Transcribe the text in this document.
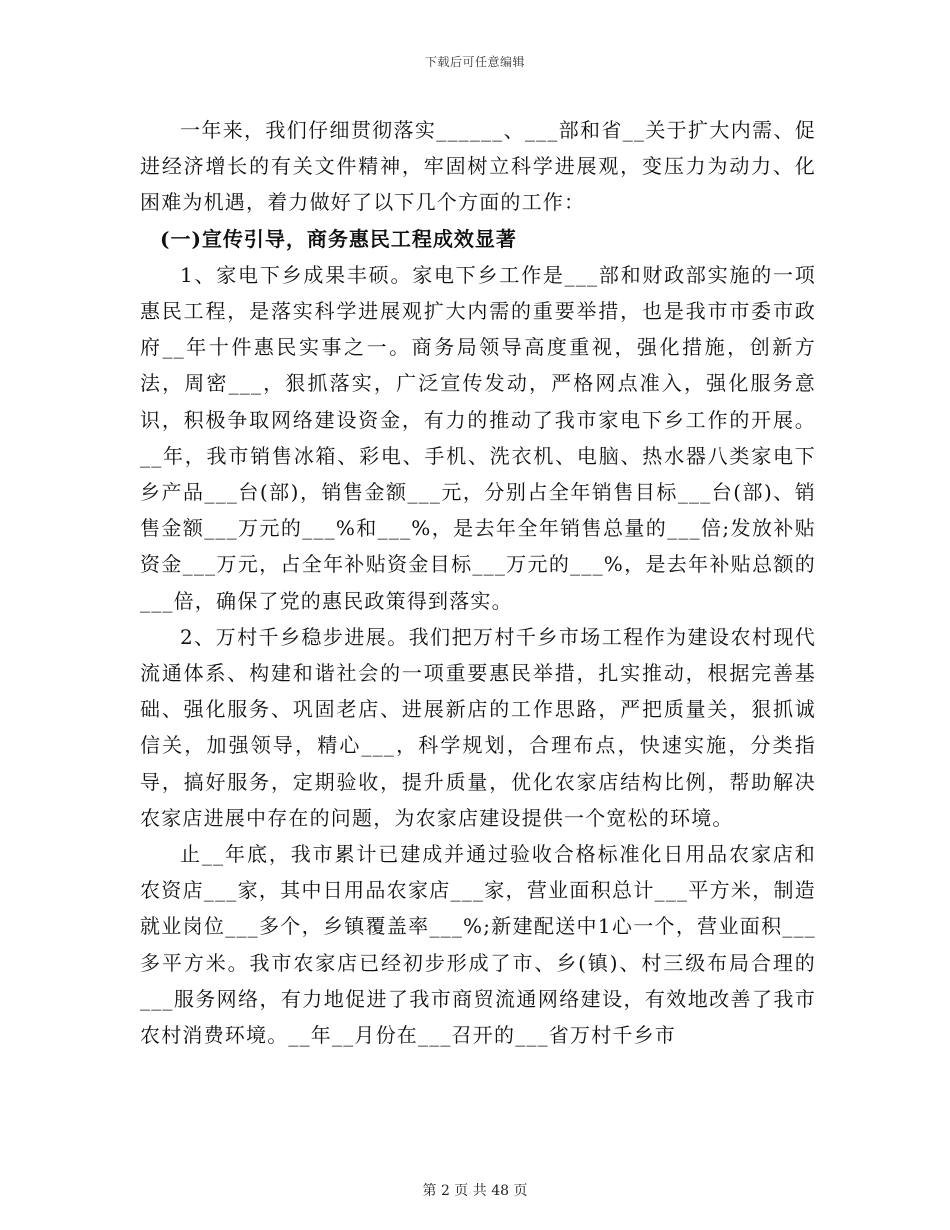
下载后可任意编辑

一年来，我们仔细贯彻落实______、___部和省__关于扩大内需、促进经济增长的有关文件精神，牢固树立科学进展观，变压力为动力、化困难为机遇，着力做好了以下几个方面的工作：

(一)宣传引导，商务惠民工程成效显著

1、家电下乡成果丰硕。家电下乡工作是___部和财政部实施的一项惠民工程，是落实科学进展观扩大内需的重要举措，也是我市市委市政府__年十件惠民实事之一。商务局领导高度重视，强化措施，创新方法，周密___，狠抓落实，广泛宣传发动，严格网点准入，强化服务意识，积极争取网络建设资金，有力的推动了我市家电下乡工作的开展。__年，我市销售冰箱、彩电、手机、洗衣机、电脑、热水器八类家电下乡产品___台(部)，销售金额___元，分别占全年销售目标___台(部)、销售金额___万元的___%和___%，是去年全年销售总量的___倍;发放补贴资金___万元，占全年补贴资金目标___万元的___%，是去年补贴总额的___倍，确保了党的惠民政策得到落实。

2、万村千乡稳步进展。我们把万村千乡市场工程作为建设农村现代流通体系、构建和谐社会的一项重要惠民举措，扎实推动，根据完善基础、强化服务、巩固老店、进展新店的工作思路，严把质量关，狠抓诚信关，加强领导，精心___，科学规划，合理布点，快速实施，分类指导，搞好服务，定期验收，提升质量，优化农家店结构比例，帮助解决农家店进展中存在的问题，为农家店建设提供一个宽松的环境。

止__年底，我市累计已建成并通过验收合格标准化日用品农家店和农资店___家，其中日用品农家店___家，营业面积总计___平方米，制造就业岗位___多个，乡镇覆盖率___%;新建配送中1心一个，营业面积___多平方米。我市农家店已经初步形成了市、乡(镇)、村三级布局合理的___服务网络，有力地促进了我市商贸流通网络建设，有效地改善了我市农村消费环境。__年__月份在___召开的___省万村千乡市

第 2 页 共 48 页
